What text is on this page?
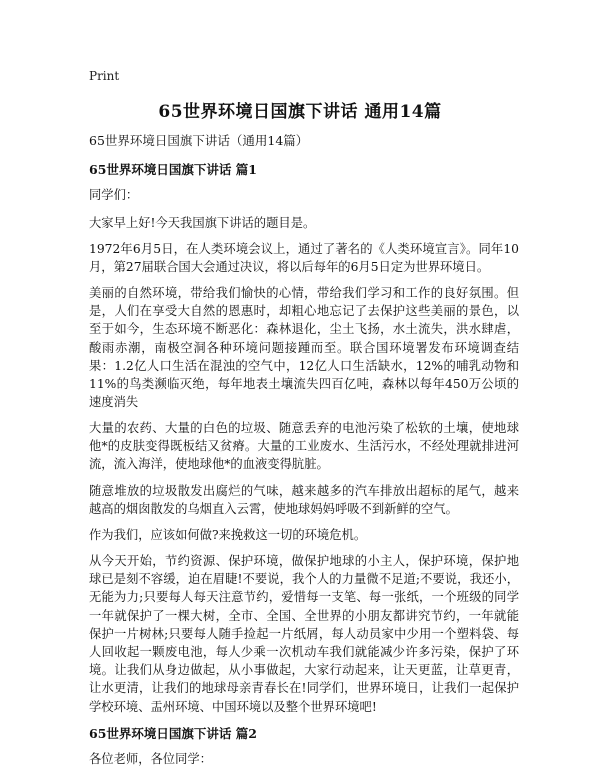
Print
65世界环境日国旗下讲话 通用14篇
65世界环境日国旗下讲话（通用14篇）
65世界环境日国旗下讲话 篇1

同学们：

大家早上好!今天我国旗下讲话的题目是。

1972年6月5日，在人类环境会议上，通过了著名的《人类环境宣言》。同年10月，第27届联合国大会通过决议，将以后每年的6月5日定为世界环境日。

美丽的自然环境，带给我们愉快的心情，带给我们学习和工作的良好氛围。但是，人们在享受大自然的恩惠时，却粗心地忘记了去保护这些美丽的景色，以至于如今，生态环境不断恶化：森林退化，尘土飞扬，水土流失，洪水肆虐，酸雨赤潮，南极空洞各种环境问题接踵而至。联合国环境署发布环境调查结果：1.2亿人口生活在混浊的空气中，12亿人口生活缺水，12%的哺乳动物和11%的鸟类濒临灭绝，每年地表土壤流失四百亿吨，森林以每年450万公顷的速度消失

大量的农药、大量的白色的垃圾、随意丢弃的电池污染了松软的土壤，使地球他*的皮肤变得既板结又贫瘠。大量的工业废水、生活污水，不经处理就排进河流，流入海洋，使地球他*的血液变得肮脏。

随意堆放的垃圾散发出腐烂的气味，越来越多的汽车排放出超标的尾气，越来越高的烟囱散发的乌烟直入云霄，使地球妈妈呼吸不到新鲜的空气。

作为我们，应该如何做?来挽救这一切的环境危机。

从今天开始，节约资源、保护环境，做保护地球的小主人，保护环境，保护地球已是刻不容缓，迫在眉睫!不要说，我个人的力量微不足道;不要说，我还小，无能为力;只要每人每天注意节约，爱惜每一支笔、每一张纸，一个班级的同学一年就保护了一棵大树，全市、全国、全世界的小朋友都讲究节约，一年就能保护一片树林;只要每人随手捡起一片纸屑，每人动员家中少用一个塑料袋、每人回收起一颗废电池，每人少乘一次机动车我们就能减少许多污染，保护了环境。让我们从身边做起，从小事做起，大家行动起来，让天更蓝，让草更青，让水更清，让我们的地球母亲青春长在!同学们，世界环境日，让我们一起保护学校环境、盂州环境、中国环境以及整个世界环境吧!

65世界环境日国旗下讲话 篇2

各位老师，各位同学：
